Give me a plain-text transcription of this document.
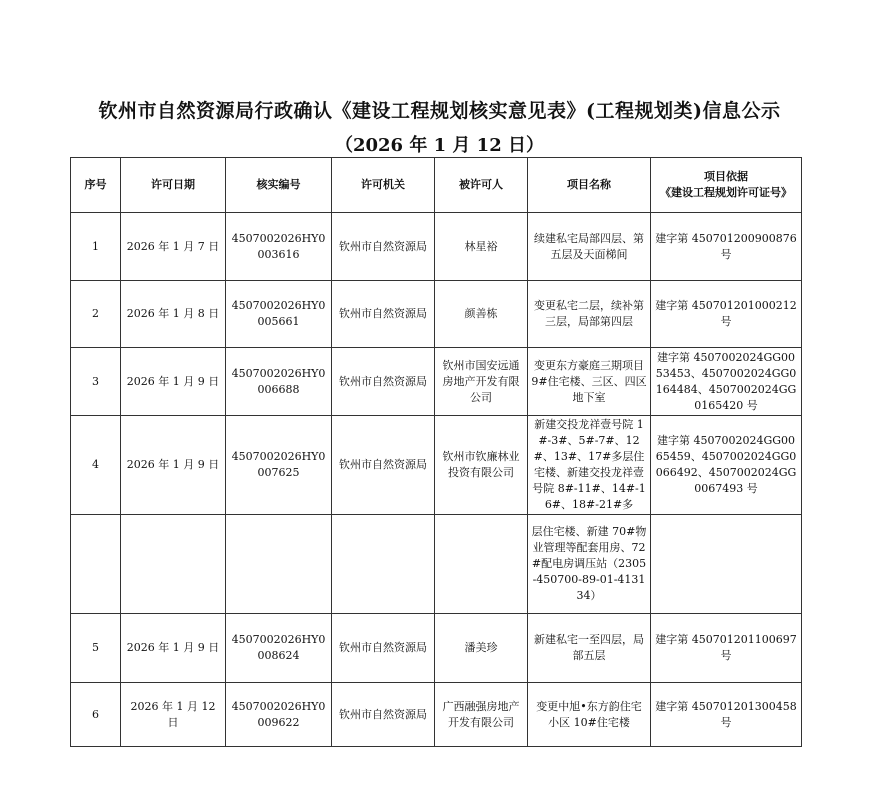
钦州市自然资源局行政确认《建设工程规划核实意见表》(工程规划类)信息公示
（2026 年 1 月 12 日）
序号	许可日期	核实编号	许可机关	被许可人	项目名称	项目依据
《建设工程规划许可证号》

1	2026 年 1 月 7 日	4507002026HY0003616	钦州市自然资源局	林星裕	续建私宅局部四层、第五层及天面梯间	建字第 450701200900876 号
2	2026 年 1 月 8 日	4507002026HY0005661	钦州市自然资源局	颜善栋	变更私宅二层，续补第三层，局部第四层	建字第 450701201000212 号
3	2026 年 1 月 9 日	4507002026HY0006688	钦州市自然资源局	钦州市国安远通房地产开发有限公司	变更东方豪庭三期项目 9#住宅楼、三区、四区地下室	建字第 4507002024GG0053453、4507002024GG0164484、4507002024GG0165420 号
4	2026 年 1 月 9 日	4507002026HY0007625	钦州市自然资源局	钦州市钦廉林业投资有限公司	新建交投龙祥壹号院 1#-3#、5#-7#、12#、13#、17#多层住宅楼、新建交投龙祥壹号院 8#-11#、14#-16#、18#-21#多	建字第 4507002024GG0065459、4507002024GG0066492、4507002024GG0067493 号
					层住宅楼、新建 70#物业管理等配套用房、72#配电房调压站（2305-450700-89-01-413134）	
5	2026 年 1 月 9 日	4507002026HY0008624	钦州市自然资源局	潘美珍	新建私宅一至四层，局部五层	建字第 450701201100697 号
6	2026 年 1 月 12 日	4507002026HY0009622	钦州市自然资源局	广西融强房地产开发有限公司	变更中旭•东方韵住宅小区 10#住宅楼	建字第 450701201300458 号
